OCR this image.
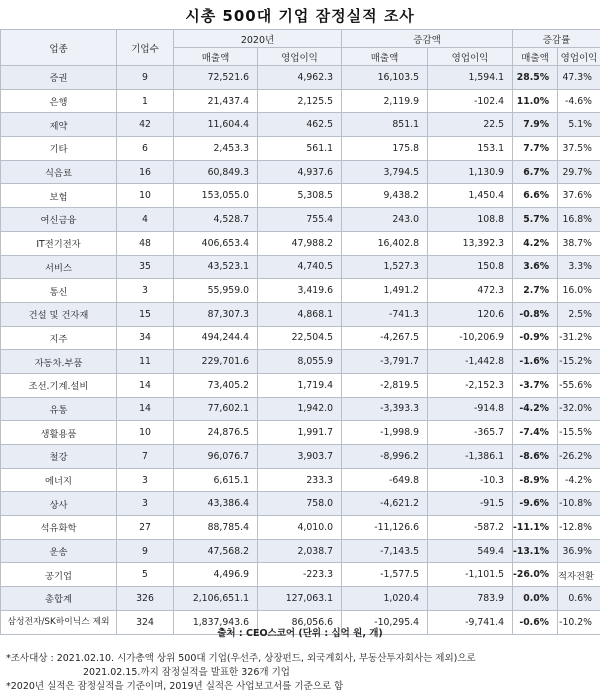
시총 500대 기업 잠정실적 조사
업종	기업수	2020년		증감액		증감률	
		매출액	영업이익	매출액	영업이익	매출액	영업이익
증권	9	72,521.6	4,962.3	16,103.5	1,594.1	28.5%	47.3%
은행	1	21,437.4	2,125.5	2,119.9	-102.4	11.0%	-4.6%
제약	42	11,604.4	462.5	851.1	22.5	7.9%	5.1%
기타	6	2,453.3	561.1	175.8	153.1	7.7%	37.5%
식음료	16	60,849.3	4,937.6	3,794.5	1,130.9	6.7%	29.7%
보험	10	153,055.0	5,308.5	9,438.2	1,450.4	6.6%	37.6%
여신금융	4	4,528.7	755.4	243.0	108.8	5.7%	16.8%
IT전기전자	48	406,653.4	47,988.2	16,402.8	13,392.3	4.2%	38.7%
서비스	35	43,523.1	4,740.5	1,527.3	150.8	3.6%	3.3%
통신	3	55,959.0	3,419.6	1,491.2	472.3	2.7%	16.0%
건설 및 건자재	15	87,307.3	4,868.1	-741.3	120.6	-0.8%	2.5%
지주	34	494,244.4	22,504.5	-4,267.5	-10,206.9	-0.9%	-31.2%
자동차.부품	11	229,701.6	8,055.9	-3,791.7	-1,442.8	-1.6%	-15.2%
조선.기계.설비	14	73,405.2	1,719.4	-2,819.5	-2,152.3	-3.7%	-55.6%
유통	14	77,602.1	1,942.0	-3,393.3	-914.8	-4.2%	-32.0%
생활용품	10	24,876.5	1,991.7	-1,998.9	-365.7	-7.4%	-15.5%
철강	7	96,076.7	3,903.7	-8,996.2	-1,386.1	-8.6%	-26.2%
에너지	3	6,615.1	233.3	-649.8	-10.3	-8.9%	-4.2%
상사	3	43,386.4	758.0	-4,621.2	-91.5	-9.6%	-10.8%
석유화학	27	88,785.4	4,010.0	-11,126.6	-587.2	-11.1%	-12.8%
운송	9	47,568.2	2,038.7	-7,143.5	549.4	-13.1%	36.9%
공기업	5	4,496.9	-223.3	-1,577.5	-1,101.5	-26.0%	적자전환
총합계	326	2,106,651.1	127,063.1	1,020.4	783.9	0.0%	0.6%
삼성전자/SK하이닉스 제외	324	1,837,943.6	86,056.6	-10,295.4	-9,741.4	-0.6%	-10.2%
출처 : CEO스코어 (단위 : 십억 원, 개)
*조사대상 : 2021.02.10. 시가총액 상위 500대 기업(우선주, 상장펀드, 외국계회사, 부동산투자회사는 제외)으로
2021.02.15.까지 잠정실적을 발표한 326개 기업
*2020년 실적은 잠정실적을 기준이며, 2019년 실적은 사업보고서를 기준으로 함
